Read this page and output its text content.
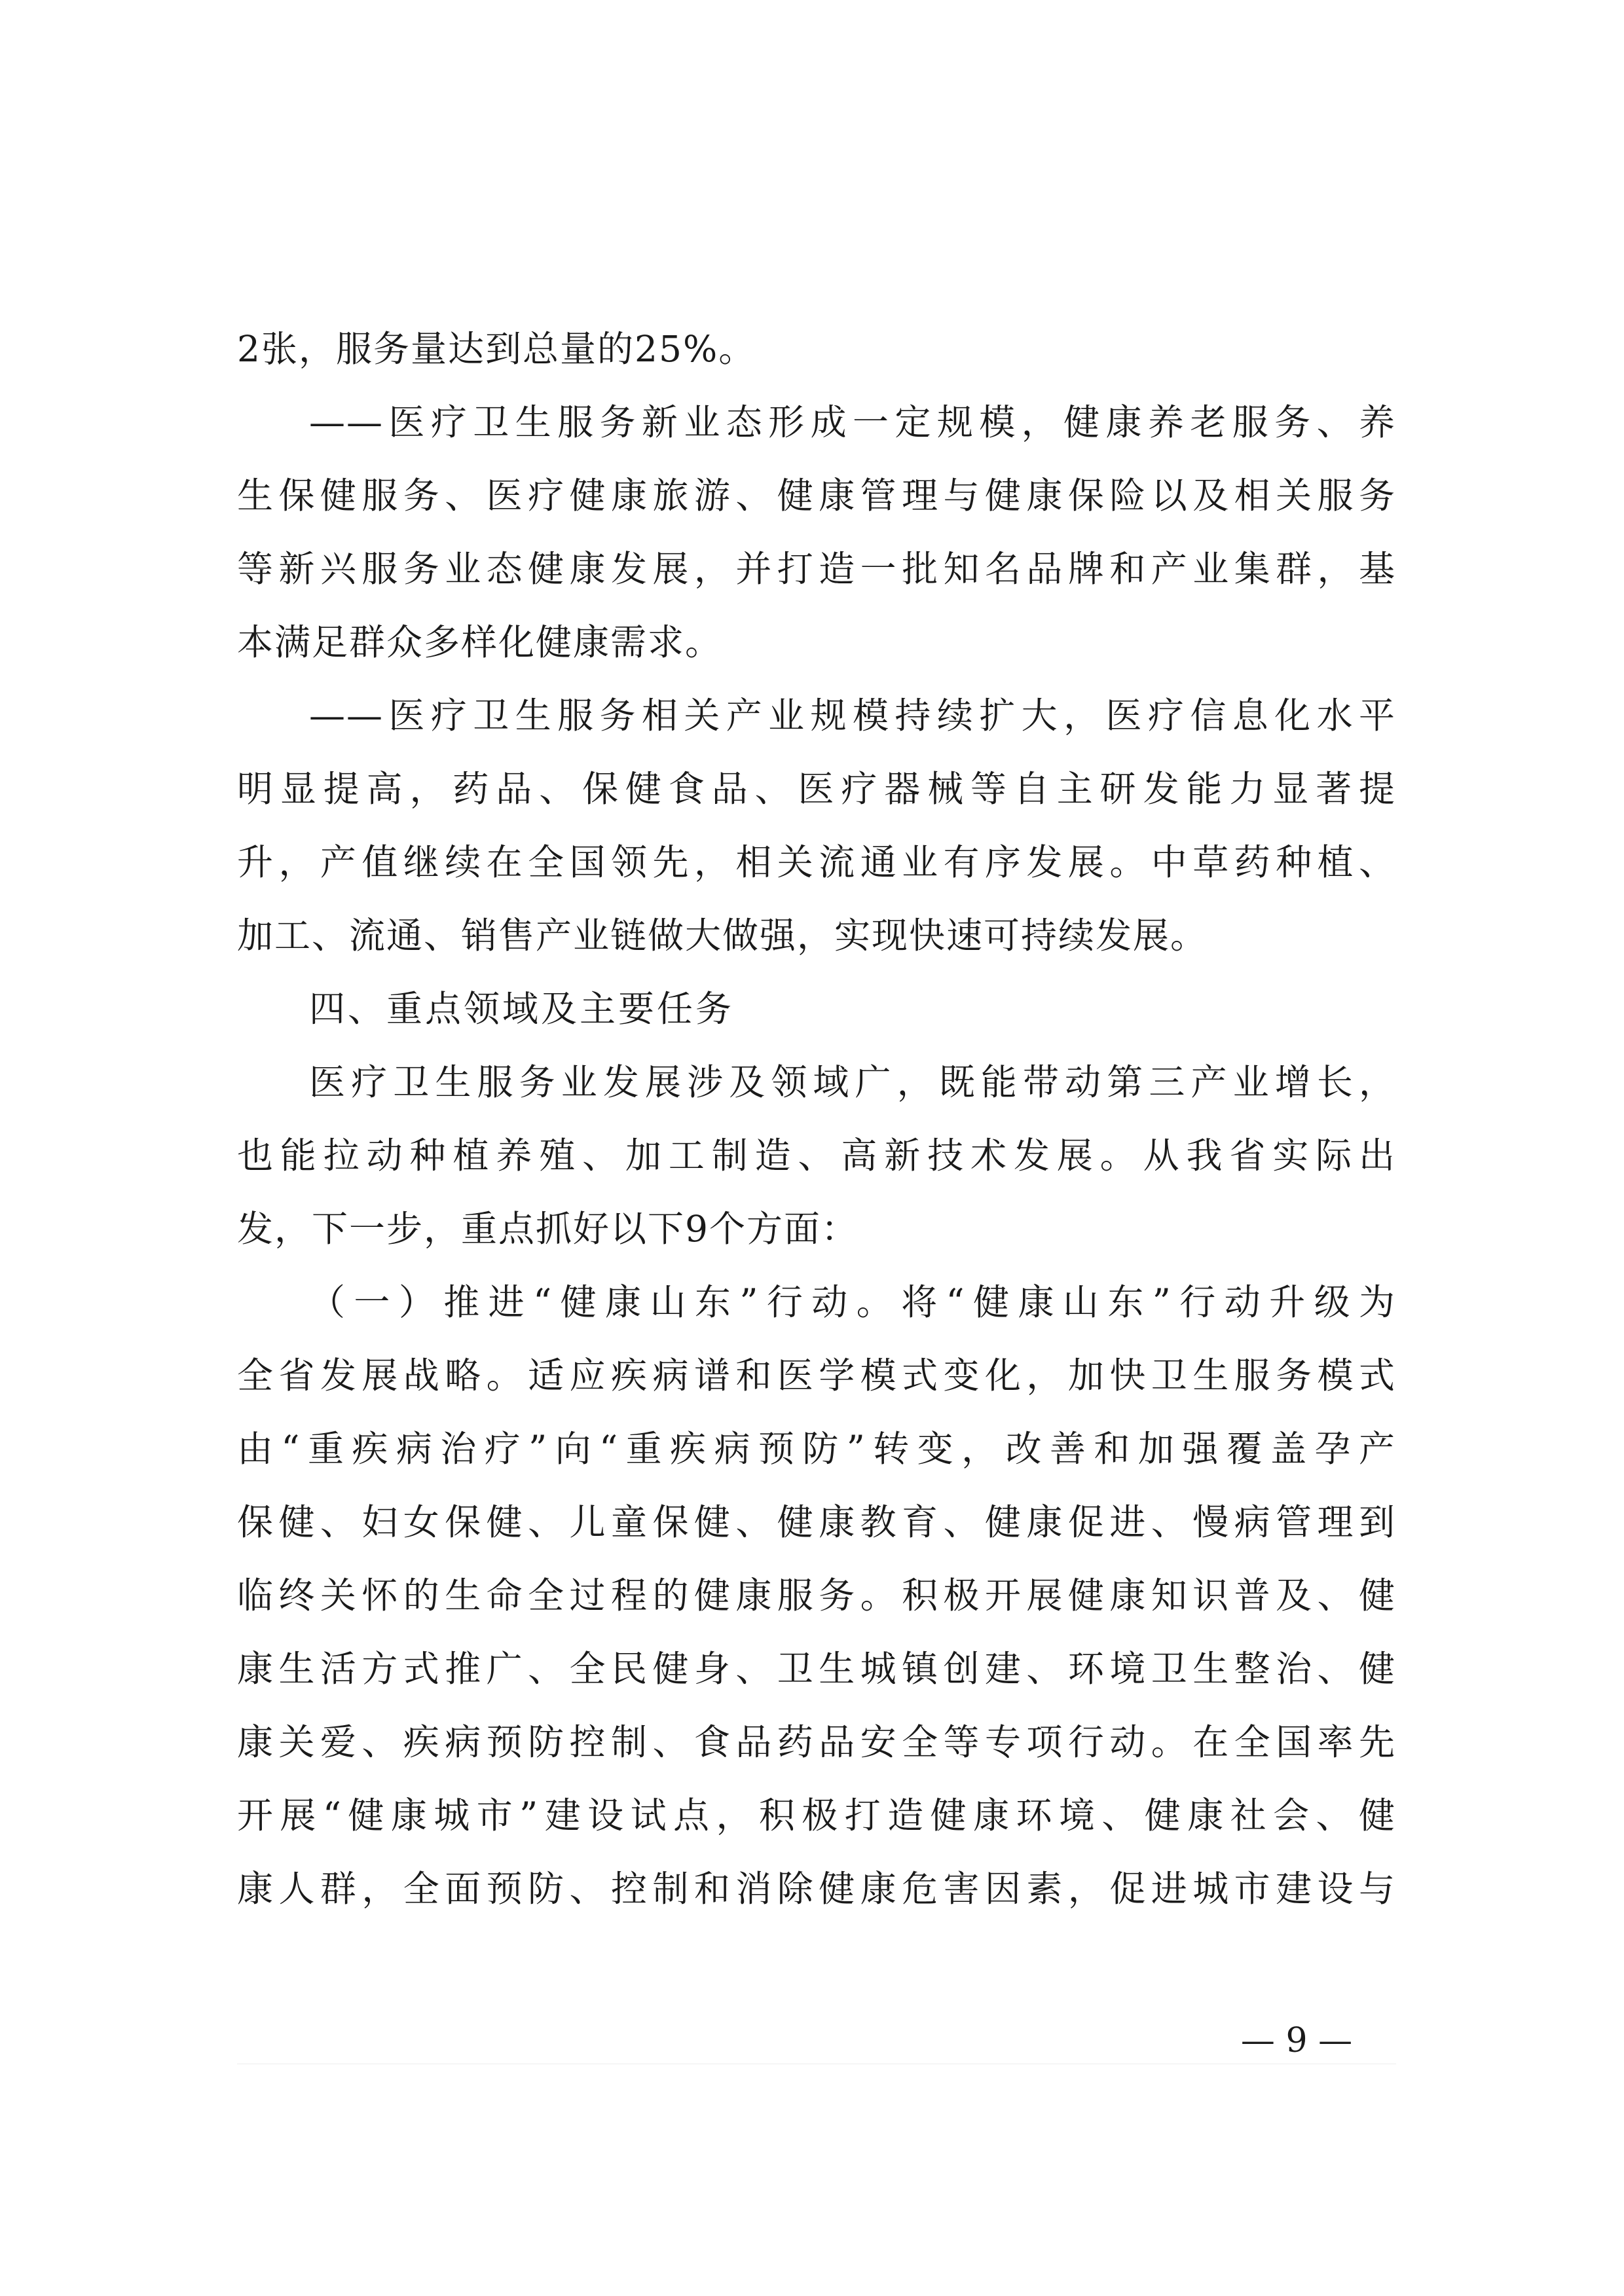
2张，服务量达到总量的25%。
——医疗卫生服务新业态形成一定规模，健康养老服务、养
生保健服务、医疗健康旅游、健康管理与健康保险以及相关服务
等新兴服务业态健康发展，并打造一批知名品牌和产业集群，基
本满足群众多样化健康需求。
——医疗卫生服务相关产业规模持续扩大，医疗信息化水平
明显提高，药品、保健食品、医疗器械等自主研发能力显著提
升，产值继续在全国领先，相关流通业有序发展。中草药种植、
加工、流通、销售产业链做大做强，实现快速可持续发展。
四、重点领域及主要任务
医疗卫生服务业发展涉及领域广，既能带动第三产业增长，
也能拉动种植养殖、加工制造、高新技术发展。从我省实际出
发，下一步，重点抓好以下9个方面：
（一）推进“健康山东”行动。将“健康山东”行动升级为
全省发展战略。适应疾病谱和医学模式变化，加快卫生服务模式
由“重疾病治疗”向“重疾病预防”转变，改善和加强覆盖孕产
保健、妇女保健、儿童保健、健康教育、健康促进、慢病管理到
临终关怀的生命全过程的健康服务。积极开展健康知识普及、健
康生活方式推广、全民健身、卫生城镇创建、环境卫生整治、健
康关爱、疾病预防控制、食品药品安全等专项行动。在全国率先
开展“健康城市”建设试点，积极打造健康环境、健康社会、健
康人群，全面预防、控制和消除健康危害因素，促进城市建设与
— 9 —
